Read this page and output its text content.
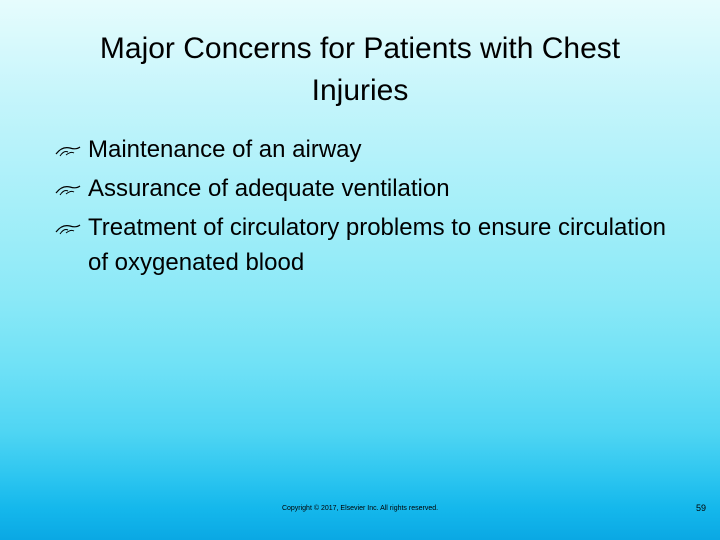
Major Concerns for Patients with Chest Injuries
Maintenance of an airway
Assurance of adequate ventilation
Treatment of circulatory problems to ensure circulation of oxygenated blood
Copyright © 2017, Elsevier Inc. All rights reserved.	59
